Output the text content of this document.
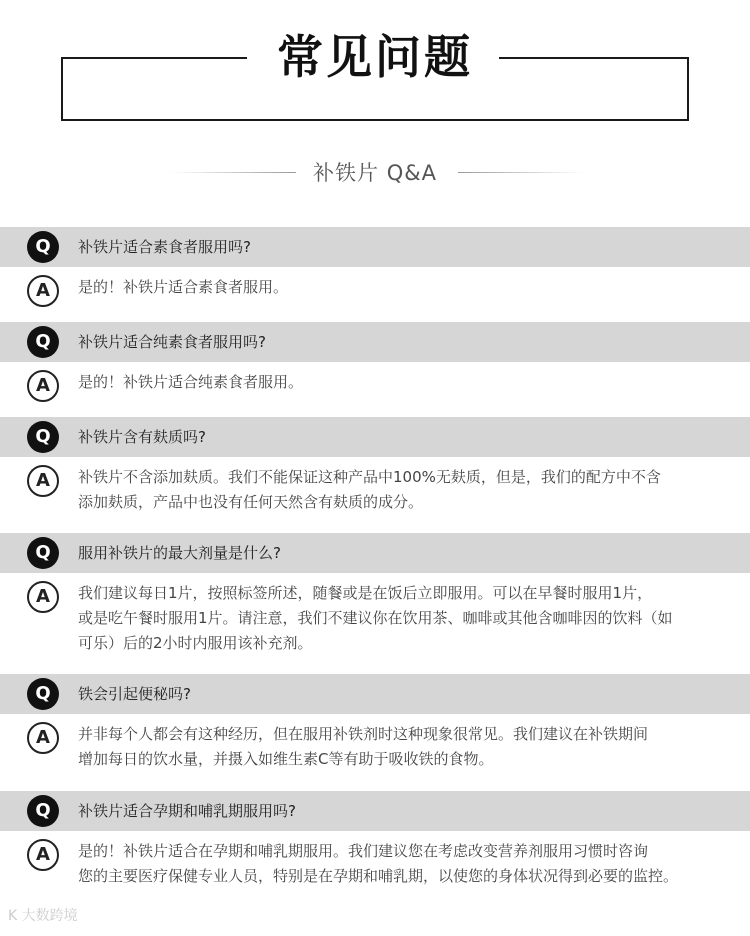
常见问题
补铁片 Q&A
Q	补铁片适合素食者服用吗?
A	是的！补铁片适合素食者服用。

Q	补铁片适合纯素食者服用吗?
A	是的！补铁片适合纯素食者服用。

Q	补铁片含有麸质吗?
A	补铁片不含添加麸质。我们不能保证这种产品中100%无麸质，但是，我们的配方中不含
添加麸质，产品中也没有任何天然含有麸质的成分。

Q	服用补铁片的最大剂量是什么?
A	我们建议每日1片，按照标签所述，随餐或是在饭后立即服用。可以在早餐时服用1片，
或是吃午餐时服用1片。请注意，我们不建议你在饮用茶、咖啡或其他含咖啡因的饮料（如
可乐）后的2小时内服用该补充剂。

Q	铁会引起便秘吗?
A	并非每个人都会有这种经历，但在服用补铁剂时这种现象很常见。我们建议在补铁期间
增加每日的饮水量，并摄入如维生素C等有助于吸收铁的食物。

Q	补铁片适合孕期和哺乳期服用吗?
A	是的！补铁片适合在孕期和哺乳期服用。我们建议您在考虑改变营养剂服用习惯时咨询
您的主要医疗保健专业人员，特别是在孕期和哺乳期，以使您的身体状况得到必要的监控。

K 大数跨境
